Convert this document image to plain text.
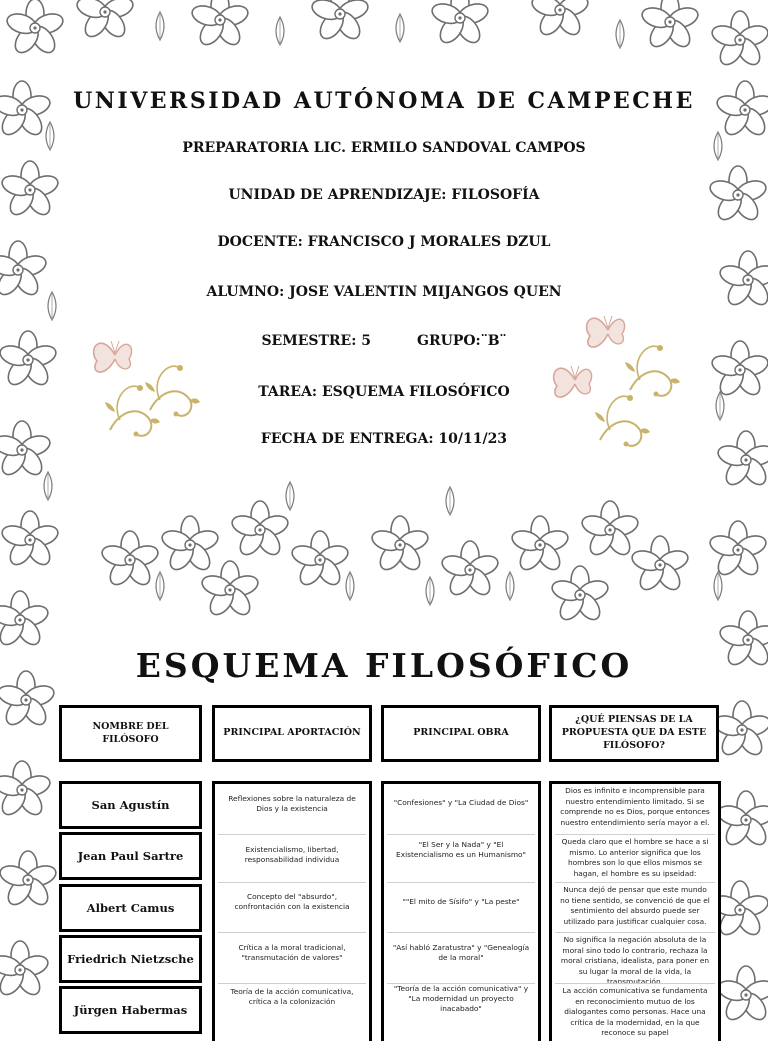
UNIVERSIDAD AUTÓNOMA DE CAMPECHE
PREPARATORIA LIC. ERMILO SANDOVAL CAMPOS
UNIDAD DE APRENDIZAJE: FILOSOFÍA
DOCENTE: FRANCISCO J MORALES DZUL
ALUMNO: JOSE VALENTIN MIJANGOS QUEN
SEMESTRE: 5	GRUPO:¨B¨
TAREA: ESQUEMA FILOSÓFICO
FECHA DE ENTREGA: 10/11/23
ESQUEMA FILOSÓFICO
NOMBRE DEL FILÓSOFO
San Agustín
Jean Paul Sartre
Albert Camus
Friedrich Nietzsche
Jürgen Habermas
PRINCIPAL APORTACIÓN
Reflexiones sobre la naturaleza de Dios y la existencia
Existencialismo, libertad, responsabilidad individua
Concepto del "absurdo", confrontación con la existencia
Crítica a la moral tradicional, "transmutación de valores"
Teoría de la acción comunicativa, crítica a la colonización
PRINCIPAL OBRA
"Confesiones" y "La Ciudad de Dios"
"El Ser y la Nada" y "El Existencialismo es un Humanismo"
""El mito de Sísifo" y "La peste"
"Así habló Zaratustra" y "Genealogía de la moral"
"Teoría de la acción comunicativa" y "La modernidad un proyecto inacabado"
¿QUÉ PIENSAS DE LA PROPUESTA QUE DA ESTE FILÓSOFO?
Dios es infinito e incomprensible para nuestro entendimiento limitado. Si se comprende no es Dios, porque entonces nuestro entendimiento sería mayor a el.
Queda claro que el hombre se hace a si mismo. Lo anterior significa que los hombres son lo que ellos mismos se hagan, el hombre es su ipseidad:
Nunca dejó de pensar que este mundo no tiene sentido, se convenció de que el sentimiento del absurdo puede ser utilizado para justificar cualquier cosa.
No significa la negación absoluta de la moral sino todo lo contrario, rechaza la moral cristiana, idealista, para poner en su lugar la moral de la vida, la transmutación.
La acción comunicativa se fundamenta en reconocimiento mutuo de los dialogantes como personas. Hace una crítica de la modernidad, en la que reconoce su papel
